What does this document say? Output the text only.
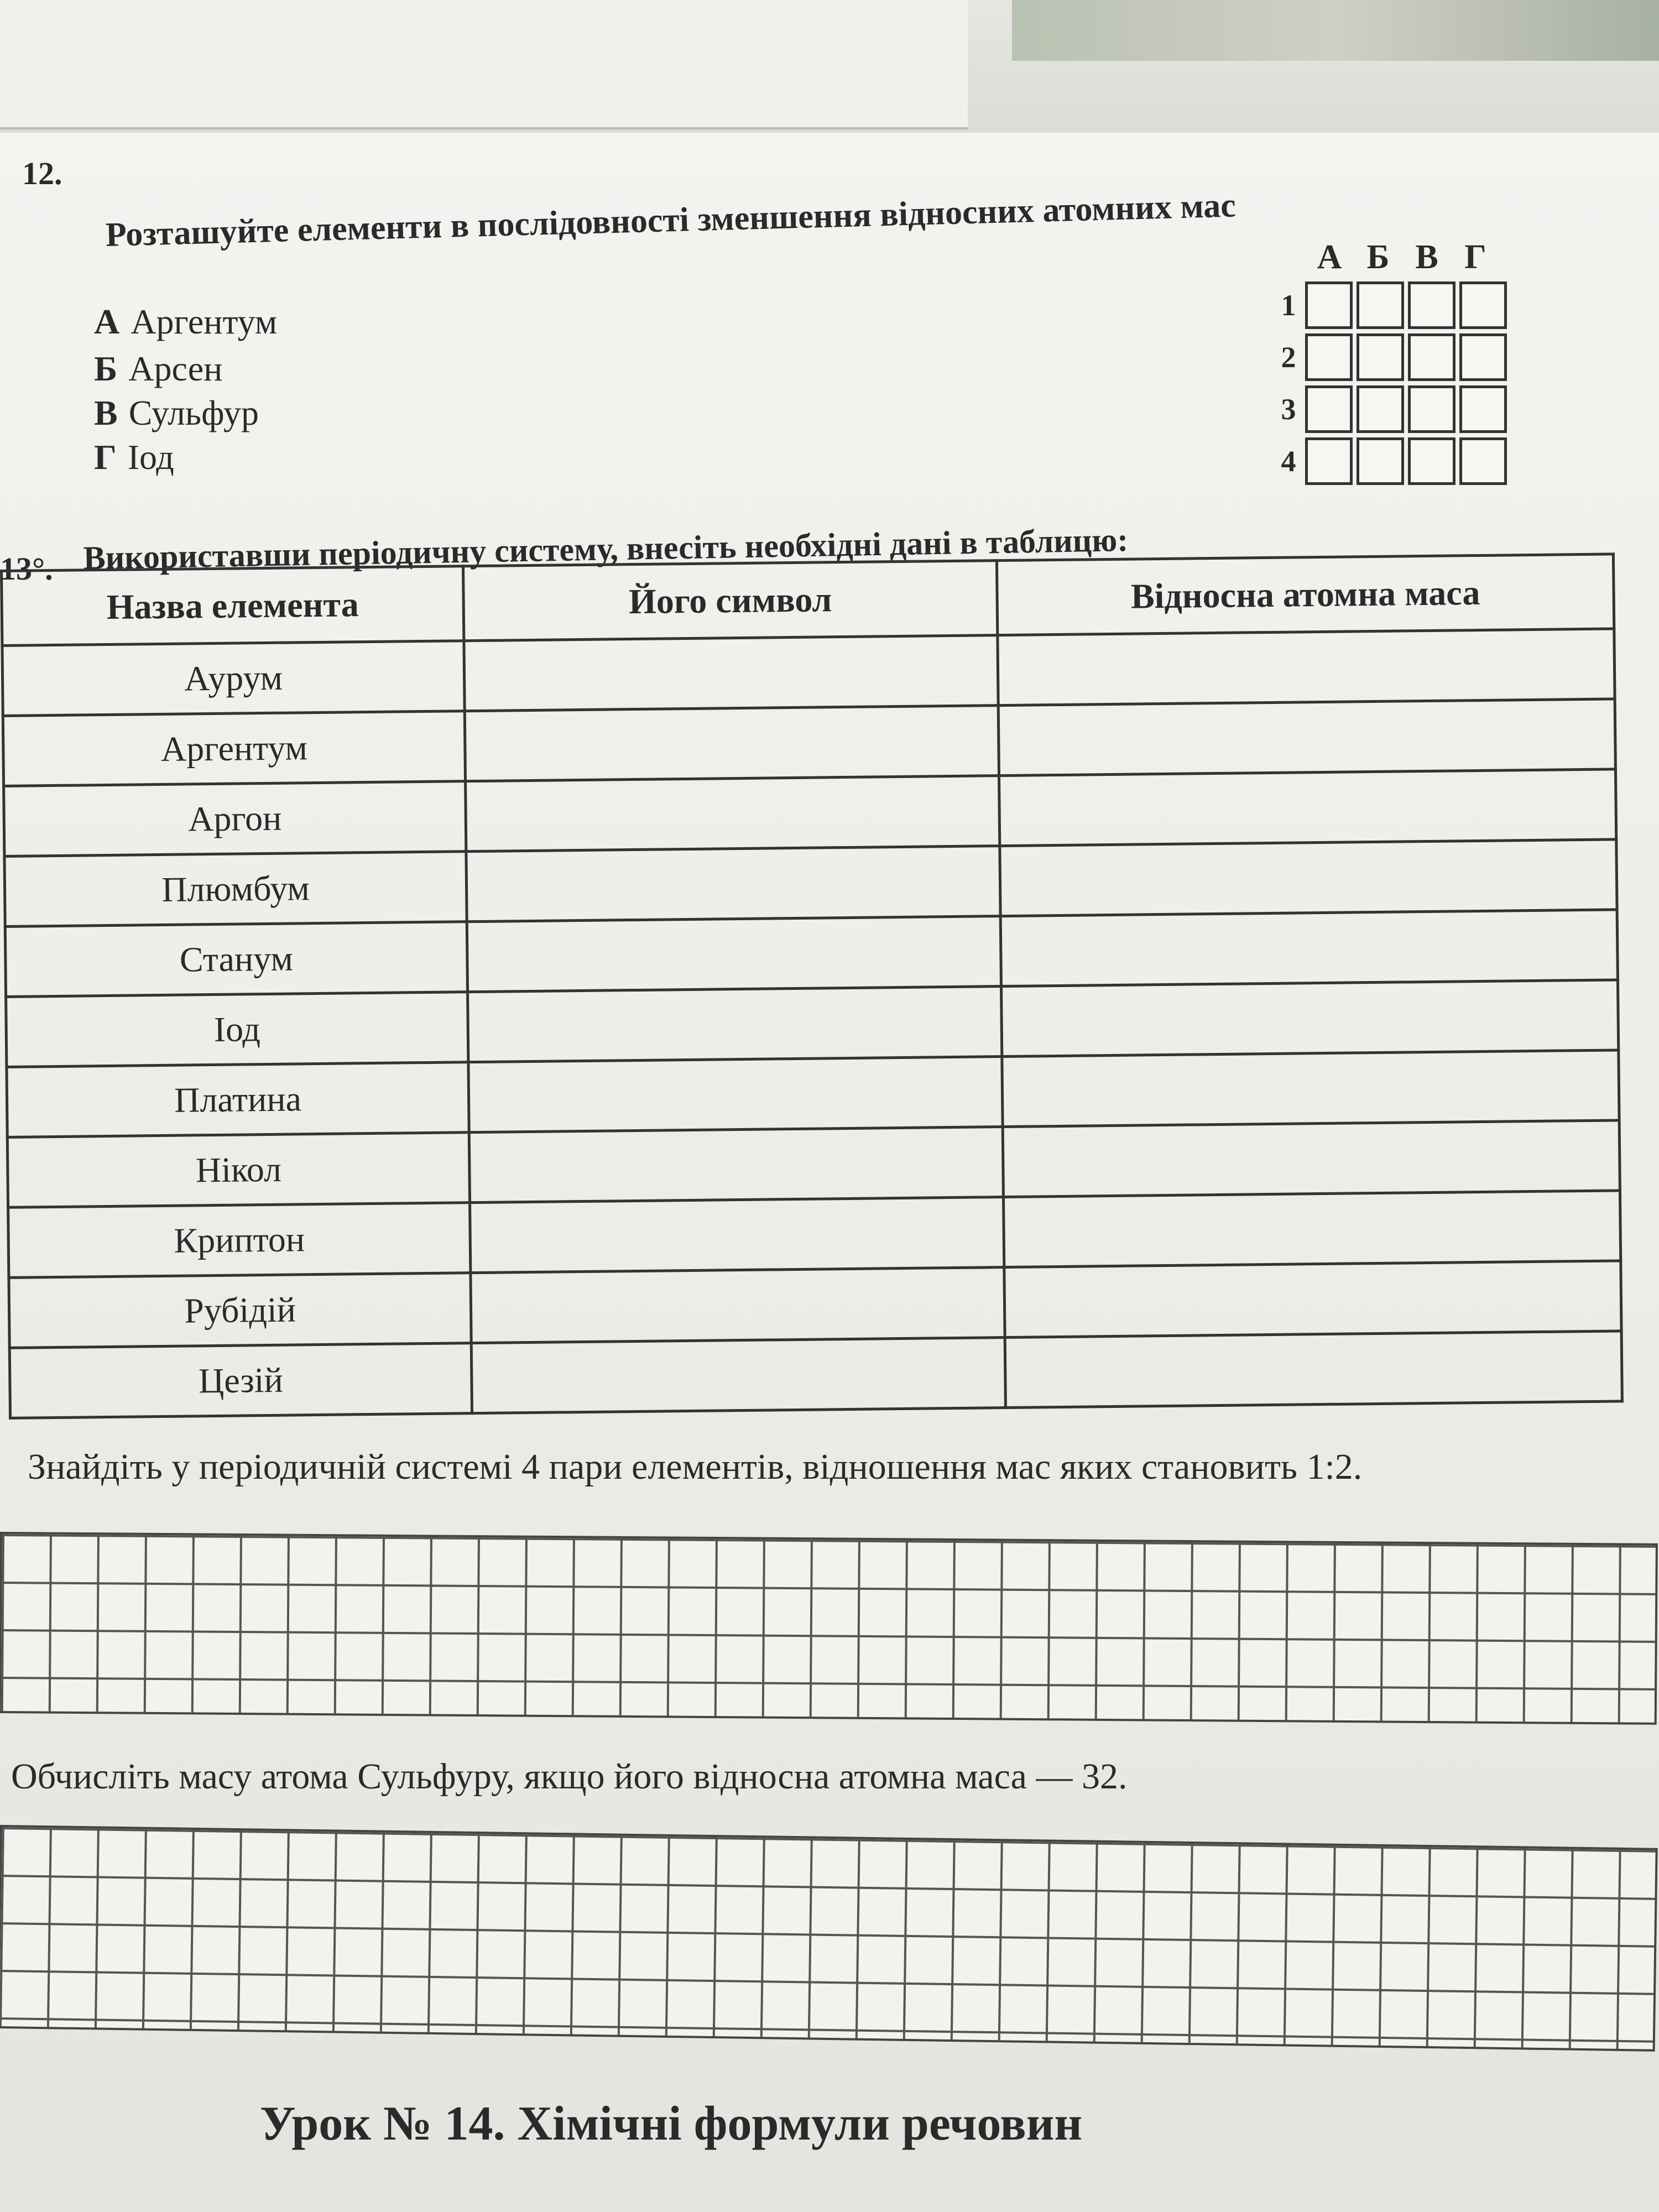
12.
Розташуйте елементи в послідовності зменшення відносних атомних мас
А Аргентум
Б Арсен
В Сульфур
Г Іод
А Б В Г
1
2
3
4
13°. Використавши періодичну систему, внесіть необхідні дані в таблицю:
Назва елемента	Його символ	Відносна атомна маса
Аурум		
Аргентум		
Аргон		
Плюмбум		
Станум		
Іод		
Платина		
Нікол		
Криптон		
Рубідій		
Цезій		
Знайдіть у періодичній системі 4 пари елементів, відношення мас яких становить 1:2.
Обчисліть масу атома Сульфуру, якщо його відносна атомна маса — 32.
Урок № 14. Хімічні формули речовин
